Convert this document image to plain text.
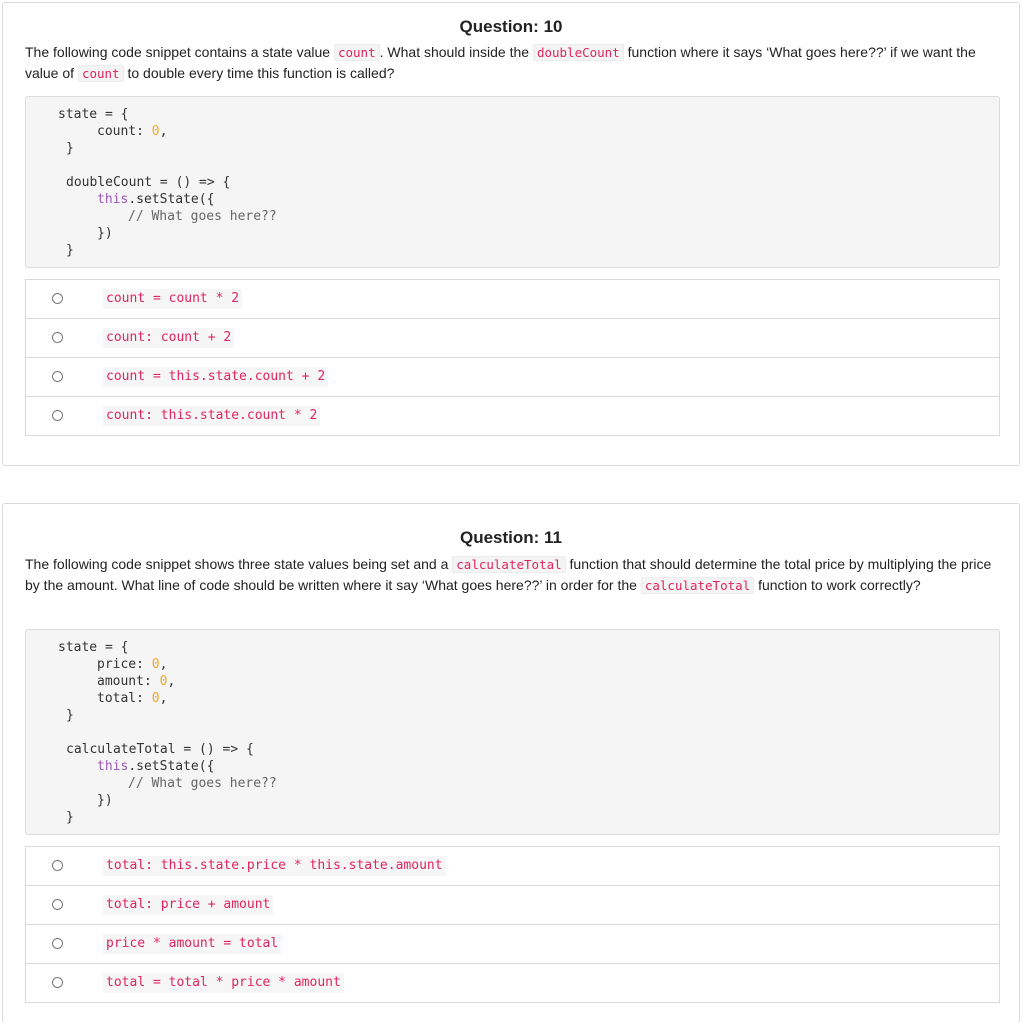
Question: 10
The following code snippet contains a state value count . What should inside the doubleCount function where it says ‘What goes here??’ if we want the value of count to double every time this function is called?
state = {
count: 0,
}
doubleCount = () => {
this.setState({
// What goes here??
})
}
count = count * 2
count: count + 2
count = this.state.count + 2
count: this.state.count * 2
Question: 11
The following code snippet shows three state values being set and a calculateTotal function that should determine the total price by multiplying the price by the amount. What line of code should be written where it say ‘What goes here??’ in order for the calculateTotal function to work correctly?
state = {
price: 0,
amount: 0,
total: 0,
}
calculateTotal = () => {
this.setState({
// What goes here??
})
}
total: this.state.price * this.state.amount
total: price + amount
price * amount = total
total = total * price * amount
